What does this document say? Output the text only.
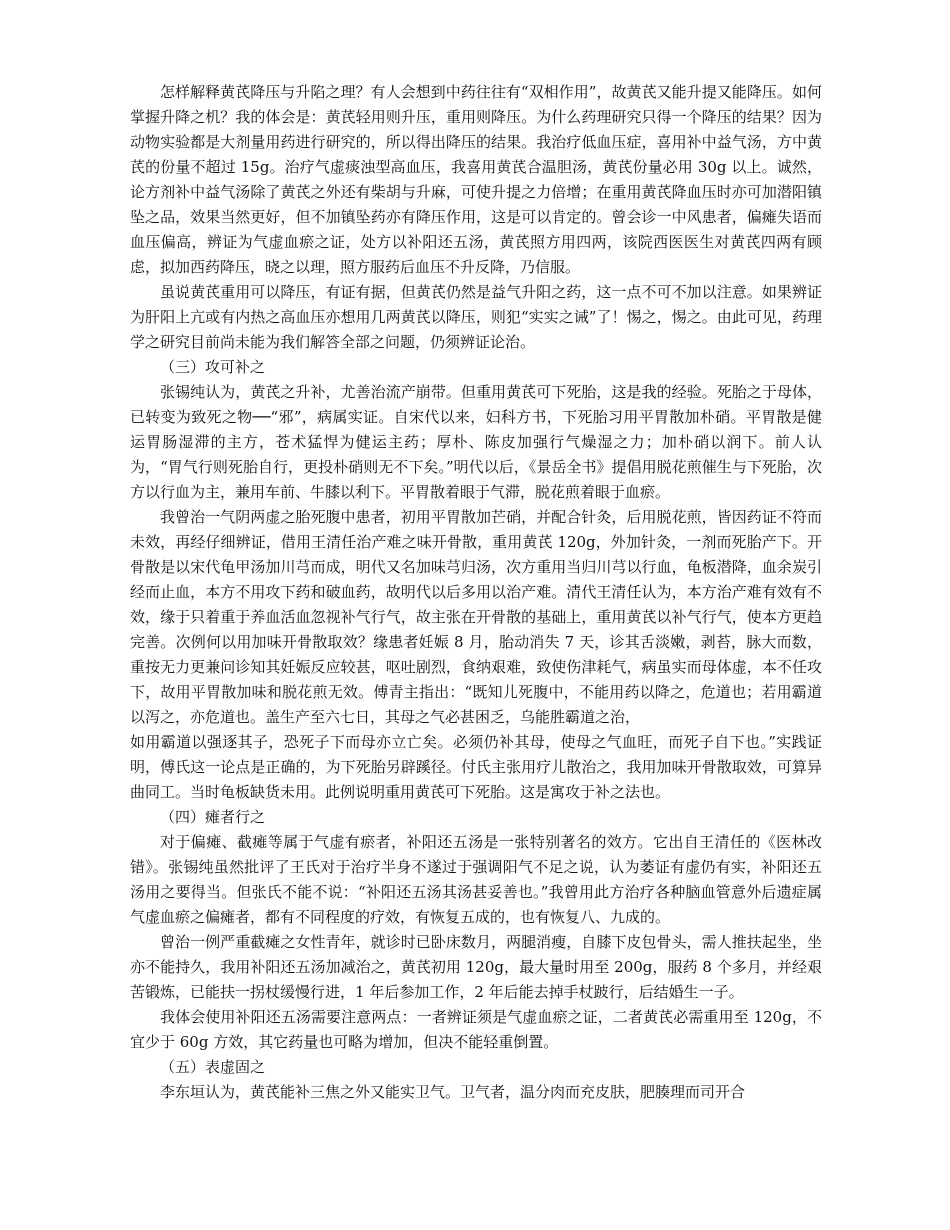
怎样解释黄芪降压与升陷之理？有人会想到中药往往有“双相作用”，故黄芪又能升提又能降压。如何掌握升降之机？我的体会是：黄芪轻用则升压，重用则降压。为什么药理研究只得一个降压的结果？因为动物实验都是大剂量用药进行研究的，所以得出降压的结果。我治疗低血压症，喜用补中益气汤，方中黄芪的份量不超过 15g。治疗气虚痰浊型高血压，我喜用黄芪合温胆汤，黄芪份量必用 30g 以上。诚然，论方剂补中益气汤除了黄芪之外还有柴胡与升麻，可使升提之力倍增；在重用黄芪降血压时亦可加潜阳镇坠之品，效果当然更好，但不加镇坠药亦有降压作用，这是可以肯定的。曾会诊一中风患者，偏瘫失语而血压偏高，辨证为气虚血瘀之证，处方以补阳还五汤，黄芪照方用四两，该院西医医生对黄芪四两有顾虑，拟加西药降压，晓之以理，照方服药后血压不升反降，乃信服。

虽说黄芪重用可以降压，有证有据，但黄芪仍然是益气升阳之药，这一点不可不加以注意。如果辨证为肝阳上亢或有内热之高血压亦想用几两黄芪以降压，则犯“实实之诫”了！惕之，惕之。由此可见，药理学之研究目前尚未能为我们解答全部之问题，仍须辨证论治。

（三）攻可补之

张锡纯认为，黄芪之升补，尤善治流产崩带。但重用黄芪可下死胎，这是我的经验。死胎之于母体，已转变为致死之物──“邪”，病属实证。自宋代以来，妇科方书，下死胎习用平胃散加朴硝。平胃散是健运胃肠湿滞的主方，苍术猛悍为健运主药；厚朴、陈皮加强行气燥湿之力；加朴硝以润下。前人认为，“胃气行则死胎自行，更投朴硝则无不下矣。”明代以后，《景岳全书》提倡用脱花煎催生与下死胎，次方以行血为主，兼用车前、牛膝以利下。平胃散着眼于气滞，脱花煎着眼于血瘀。

我曾治一气阴两虚之胎死腹中患者，初用平胃散加芒硝，并配合针灸，后用脱花煎，皆因药证不符而未效，再经仔细辨证，借用王清任治产难之味开骨散，重用黄芪 120g，外加针灸，一剂而死胎产下。开骨散是以宋代龟甲汤加川芎而成，明代又名加味芎归汤，次方重用当归川芎以行血，龟板潜降，血余炭引经而止血，本方不用攻下药和破血药，故明代以后多用以治产难。清代王清任认为，本方治产难有效有不效，缘于只着重于养血活血忽视补气行气，故主张在开骨散的基础上，重用黄芪以补气行气，使本方更趋完善。次例何以用加味开骨散取效？缘患者妊娠 8 月，胎动消失 7 天，诊其舌淡嫩，剥苔，脉大而数，重按无力更兼问诊知其妊娠反应较甚，呕吐剧烈，食纳艰难，致使伤津耗气，病虽实而母体虚，本不任攻下，故用平胃散加味和脱花煎无效。傅青主指出：“既知儿死腹中，不能用药以降之，危道也；若用霸道以泻之，亦危道也。盖生产至六七日，其母之气必甚困乏，乌能胜霸道之治，

如用霸道以强逐其子，恐死子下而母亦立亡矣。必须仍补其母，使母之气血旺，而死子自下也。”实践证明，傅氏这一论点是正确的，为下死胎另辟蹊径。付氏主张用疗儿散治之，我用加味开骨散取效，可算异曲同工。当时龟板缺货未用。此例说明重用黄芪可下死胎。这是寓攻于补之法也。

（四）瘫者行之

对于偏瘫、截瘫等属于气虚有瘀者，补阳还五汤是一张特别著名的效方。它出自王清任的《医林改错》。张锡纯虽然批评了王氏对于治疗半身不遂过于强调阳气不足之说，认为萎证有虚仍有实，补阳还五汤用之要得当。但张氏不能不说：“补阳还五汤其汤甚妥善也。”我曾用此方治疗各种脑血管意外后遗症属气虚血瘀之偏瘫者，都有不同程度的疗效，有恢复五成的，也有恢复八、九成的。

曾治一例严重截瘫之女性青年，就诊时已卧床数月，两腿消瘦，自膝下皮包骨头，需人推扶起坐，坐亦不能持久，我用补阳还五汤加减治之，黄芪初用 120g，最大量时用至 200g，服药 8 个多月，并经艰苦锻炼，已能扶一拐杖缓慢行进，1 年后参加工作，2 年后能去掉手杖跛行，后结婚生一子。

我体会使用补阳还五汤需要注意两点：一者辨证须是气虚血瘀之证，二者黄芪必需重用至 120g，不宜少于 60g 方效，其它药量也可略为增加，但决不能轻重倒置。

（五）表虚固之

李东垣认为，黄芪能补三焦之外又能实卫气。卫气者，温分肉而充皮肤，肥腠理而司开合
